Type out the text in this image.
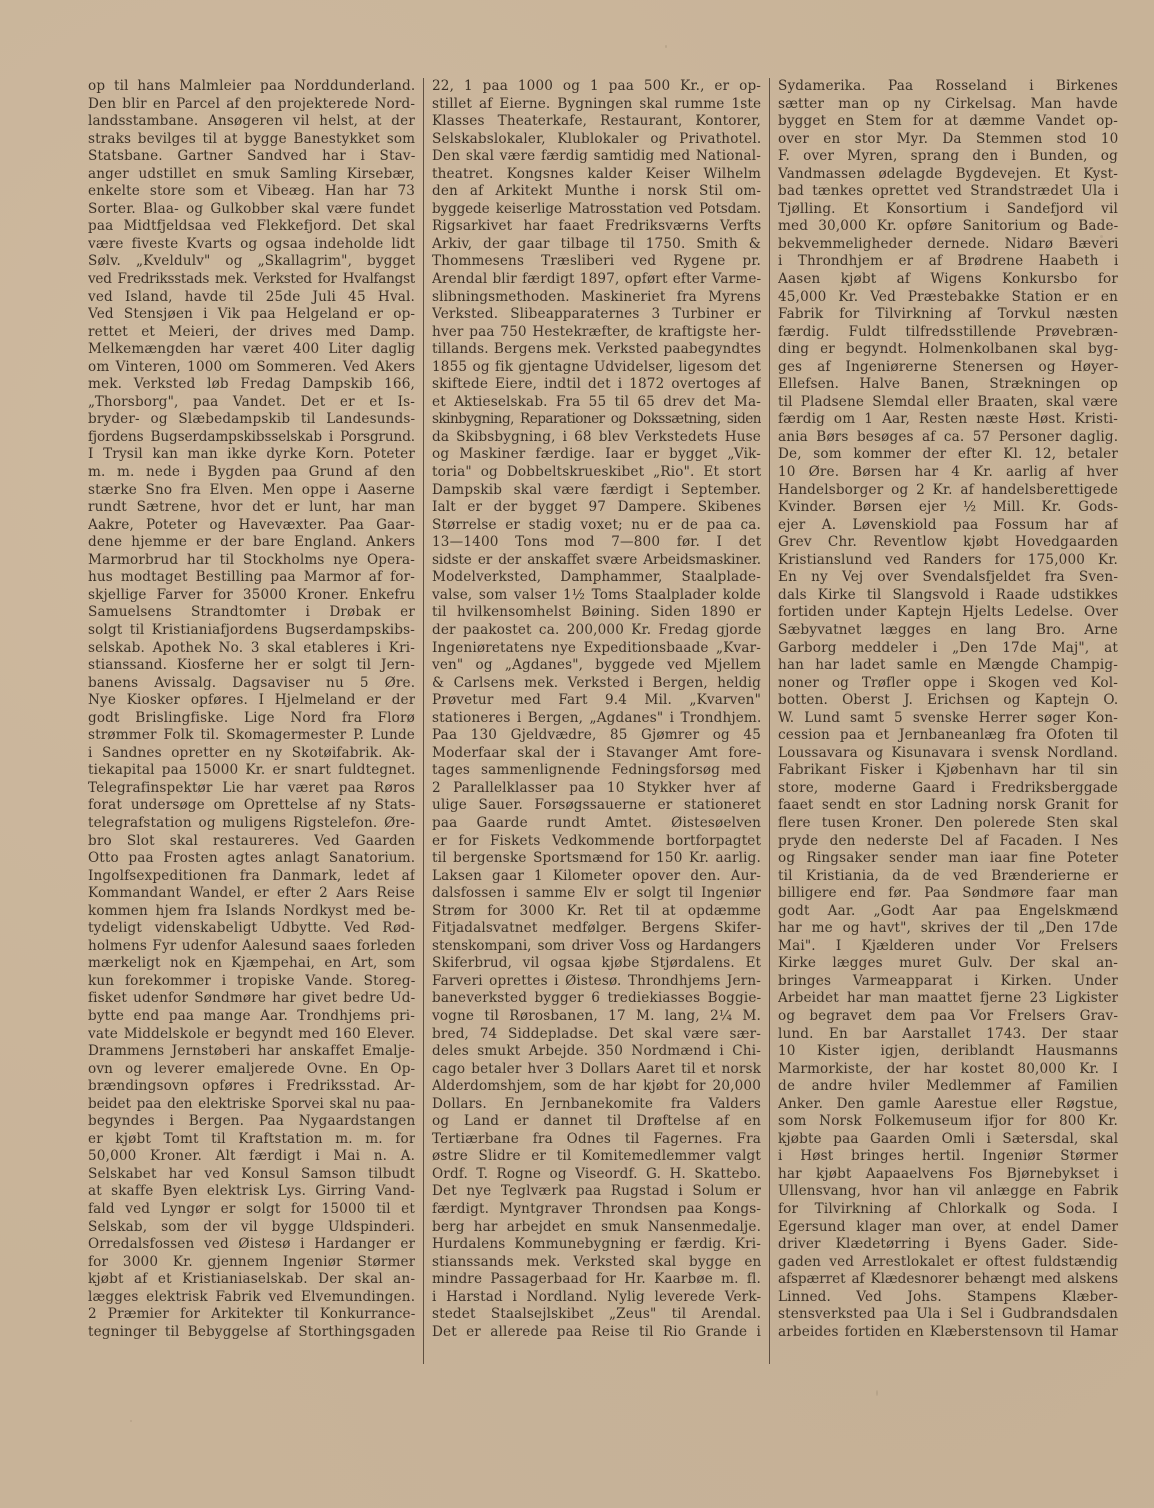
op til hans Malmleier paa Norddunderland.
Den blir en Parcel af den projekterede Nord-
landsstambane. Ansøgeren vil helst, at der
straks bevilges til at bygge Banestykket som
Statsbane. Gartner Sandved har i Stav-
anger udstillet en smuk Samling Kirsebær,
enkelte store som et Vibeæg. Han har 73
Sorter. Blaa- og Gulkobber skal være fundet
paa Midtfjeldsaa ved Flekkefjord. Det skal
være fiveste Kvarts og ogsaa indeholde lidt
Sølv. „Kveldulv" og „Skallagrim", bygget
ved Fredriksstads mek. Verksted for Hvalfangst
ved Island, havde til 25de Juli 45 Hval.
Ved Stensjøen i Vik paa Helgeland er op-
rettet et Meieri, der drives med Damp.
Melkemængden har været 400 Liter daglig
om Vinteren, 1000 om Sommeren. Ved Akers
mek. Verksted løb Fredag Dampskib 166,
„Thorsborg", paa Vandet. Det er et Is-
bryder- og Slæbedampskib til Landesunds-
fjordens Bugserdampskibsselskab i Porsgrund.
I Trysil kan man ikke dyrke Korn. Poteter
m. m. nede i Bygden paa Grund af den
stærke Sno fra Elven. Men oppe i Aaserne
rundt Sætrene, hvor det er lunt, har man
Aakre, Poteter og Havevæxter. Paa Gaar-
dene hjemme er der bare England. Ankers
Marmorbrud har til Stockholms nye Opera-
hus modtaget Bestilling paa Marmor af for-
skjellige Farver for 35000 Kroner. Enkefru
Samuelsens Strandtomter i Drøbak er
solgt til Kristianiafjordens Bugserdampskibs-
selskab. Apothek No. 3 skal etableres i Kri-
stianssand. Kiosferne her er solgt til Jern-
banens Avissalg. Dagsaviser nu 5 Øre.
Nye Kiosker opføres. I Hjelmeland er der
godt Brislingfiske. Lige Nord fra Florø
strømmer Folk til. Skomagermester P. Lunde
i Sandnes opretter en ny Skotøifabrik. Ak-
tiekapital paa 15000 Kr. er snart fuldtegnet.
Telegrafinspektør Lie har været paa Røros
forat undersøge om Oprettelse af ny Stats-
telegrafstation og muligens Rigstelefon. Øre-
bro Slot skal restaureres. Ved Gaarden
Otto paa Frosten agtes anlagt Sanatorium.
Ingolfsexpeditionen fra Danmark, ledet af
Kommandant Wandel, er efter 2 Aars Reise
kommen hjem fra Islands Nordkyst med be-
tydeligt videnskabeligt Udbytte. Ved Rød-
holmens Fyr udenfor Aalesund saaes forleden
mærkeligt nok en Kjæmpehai, en Art, som
kun forekommer i tropiske Vande. Storeg-
fisket udenfor Søndmøre har givet bedre Ud-
bytte end paa mange Aar. Trondhjems pri-
vate Middelskole er begyndt med 160 Elever.
Drammens Jernstøberi har anskaffet Emalje-
ovn og leverer emaljerede Ovne. En Op-
brændingsovn opføres i Fredriksstad. Ar-
beidet paa den elektriske Sporvei skal nu paa-
begyndes i Bergen. Paa Nygaardstangen
er kjøbt Tomt til Kraftstation m. m. for
50,000 Kroner. Alt færdigt i Mai n. A.
Selskabet har ved Konsul Samson tilbudt
at skaffe Byen elektrisk Lys. Girring Vand-
fald ved Lyngør er solgt for 15000 til et
Selskab, som der vil bygge Uldspinderi.
Orredalsfossen ved Øistesø i Hardanger er
for 3000 Kr. gjennem Ingeniør Størmer
kjøbt af et Kristianiaselskab. Der skal an-
lægges elektrisk Fabrik ved Elvemundingen.
2 Præmier for Arkitekter til Konkurrance-
tegninger til Bebyggelse af Storthingsgaden
22, 1 paa 1000 og 1 paa 500 Kr., er op-
stillet af Eierne. Bygningen skal rumme 1ste
Klasses Theaterkafe, Restaurant, Kontorer,
Selskabslokaler, Klublokaler og Privathotel.
Den skal være færdig samtidig med National-
theatret. Kongsnes kalder Keiser Wilhelm
den af Arkitekt Munthe i norsk Stil om-
byggede keiserlige Matrosstation ved Potsdam.
Rigsarkivet har faaet Fredriksværns Verfts
Arkiv, der gaar tilbage til 1750. Smith &
Thommesens Træsliberi ved Rygene pr.
Arendal blir færdigt 1897, opført efter Varme-
slibningsmethoden. Maskineriet fra Myrens
Verksted. Slibeapparaternes 3 Turbiner er
hver paa 750 Hestekræfter, de kraftigste her-
tillands. Bergens mek. Verksted paabegyndtes
1855 og fik gjentagne Udvidelser, ligesom det
skiftede Eiere, indtil det i 1872 overtoges af
et Aktieselskab. Fra 55 til 65 drev det Ma-
skinbygning, Reparationer og Dokssætning, siden
da Skibsbygning, i 68 blev Verkstedets Huse
og Maskiner færdige. Iaar er bygget „Vik-
toria" og Dobbeltskrueskibet „Rio". Et stort
Dampskib skal være færdigt i September.
Ialt er der bygget 97 Dampere. Skibenes
Størrelse er stadig voxet; nu er de paa ca.
13—1400 Tons mod 7—800 før. I det
sidste er der anskaffet svære Arbeidsmaskiner.
Modelverksted, Damphammer, Staalplade-
valse, som valser 1½ Toms Staalplader kolde
til hvilkensomhelst Bøining. Siden 1890 er
der paakostet ca. 200,000 Kr. Fredag gjorde
Ingeniøretatens nye Expeditionsbaade „Kvar-
ven" og „Agdanes", byggede ved Mjellem
& Carlsens mek. Verksted i Bergen, heldig
Prøvetur med Fart 9.4 Mil. „Kvarven"
stationeres i Bergen, „Agdanes" i Trondhjem.
Paa 130 Gjeldvædre, 85 Gjømrer og 45
Moderfaar skal der i Stavanger Amt fore-
tages sammenlignende Fedningsforsøg med
2 Parallelklasser paa 10 Stykker hver af
ulige Sauer. Forsøgssauerne er stationeret
paa Gaarde rundt Amtet. Øistesøelven
er for Fiskets Vedkommende bortforpagtet
til bergenske Sportsmænd for 150 Kr. aarlig.
Laksen gaar 1 Kilometer opover den. Aur-
dalsfossen i samme Elv er solgt til Ingeniør
Strøm for 3000 Kr. Ret til at opdæmme
Fitjadalsvatnet medfølger. Bergens Skifer-
stenskompani, som driver Voss og Hardangers
Skiferbrud, vil ogsaa kjøbe Stjørdalens. Et
Farveri oprettes i Øistesø. Throndhjems Jern-
baneverksted bygger 6 trediekiasses Boggie-
vogne til Rørosbanen, 17 M. lang, 2¼ M.
bred, 74 Siddepladse. Det skal være sær-
deles smukt Arbejde. 350 Nordmænd i Chi-
cago betaler hver 3 Dollars Aaret til et norsk
Alderdomshjem, som de har kjøbt for 20,000
Dollars. En Jernbanekomite fra Valders
og Land er dannet til Drøftelse af en
Tertiærbane fra Odnes til Fagernes. Fra
østre Slidre er til Komitemedlemmer valgt
Ordf. T. Rogne og Viseordf. G. H. Skattebo.
Det nye Teglværk paa Rugstad i Solum er
færdigt. Myntgraver Throndsen paa Kongs-
berg har arbejdet en smuk Nansenmedalje.
Hurdalens Kommunebygning er færdig. Kri-
stianssands mek. Verksted skal bygge en
mindre Passagerbaad for Hr. Kaarbøe m. fl.
i Harstad i Nordland. Nylig leverede Verk-
stedet Staalsejlskibet „Zeus" til Arendal.
Det er allerede paa Reise til Rio Grande i
Sydamerika. Paa Rosseland i Birkenes
sætter man op ny Cirkelsag. Man havde
bygget en Stem for at dæmme Vandet op-
over en stor Myr. Da Stemmen stod 10
F. over Myren, sprang den i Bunden, og
Vandmassen ødelagde Bygdevejen. Et Kyst-
bad tænkes oprettet ved Strandstrædet Ula i
Tjølling. Et Konsortium i Sandefjord vil
med 30,000 Kr. opføre Sanitorium og Bade-
bekvemmeligheder dernede. Nidarø Bæveri
i Throndhjem er af Brødrene Haabeth i
Aasen kjøbt af Wigens Konkursbo for
45,000 Kr. Ved Præstebakke Station er en
Fabrik for Tilvirkning af Torvkul næsten
færdig. Fuldt tilfredsstillende Prøvebræn-
ding er begyndt. Holmenkolbanen skal byg-
ges af Ingeniørerne Stenersen og Høyer-
Ellefsen. Halve Banen, Strækningen op
til Pladsene Slemdal eller Braaten, skal være
færdig om 1 Aar, Resten næste Høst. Kristi-
ania Børs besøges af ca. 57 Personer daglig.
De, som kommer der efter Kl. 12, betaler
10 Øre. Børsen har 4 Kr. aarlig af hver
Handelsborger og 2 Kr. af handelsberettigede
Kvinder. Børsen ejer ½ Mill. Kr. Gods-
ejer A. Løvenskiold paa Fossum har af
Grev Chr. Reventlow kjøbt Hovedgaarden
Kristianslund ved Randers for 175,000 Kr.
En ny Vej over Svendalsfjeldet fra Sven-
dals Kirke til Slangsvold i Raade udstikkes
fortiden under Kaptejn Hjelts Ledelse. Over
Sæbyvatnet lægges en lang Bro. Arne
Garborg meddeler i „Den 17de Maj", at
han har ladet samle en Mængde Champig-
noner og Trøfler oppe i Skogen ved Kol-
botten. Oberst J. Erichsen og Kaptejn O.
W. Lund samt 5 svenske Herrer søger Kon-
cession paa et Jernbaneanlæg fra Ofoten til
Loussavara og Kisunavara i svensk Nordland.
Fabrikant Fisker i Kjøbenhavn har til sin
store, moderne Gaard i Fredriksberggade
faaet sendt en stor Ladning norsk Granit for
flere tusen Kroner. Den polerede Sten skal
pryde den nederste Del af Facaden. I Nes
og Ringsaker sender man iaar fine Poteter
til Kristiania, da de ved Brænderierne er
billigere end før. Paa Søndmøre faar man
godt Aar. „Godt Aar paa Engelskmænd
har me og havt", skrives der til „Den 17de
Mai". I Kjælderen under Vor Frelsers
Kirke lægges muret Gulv. Der skal an-
bringes Varmeapparat i Kirken. Under
Arbeidet har man maattet fjerne 23 Ligkister
og begravet dem paa Vor Frelsers Grav-
lund. En bar Aarstallet 1743. Der staar
10 Kister igjen, deriblandt Hausmanns
Marmorkiste, der har kostet 80,000 Kr. I
de andre hviler Medlemmer af Familien
Anker. Den gamle Aarestue eller Røgstue,
som Norsk Folkemuseum ifjor for 800 Kr.
kjøbte paa Gaarden Omli i Sætersdal, skal
i Høst bringes hertil. Ingeniør Størmer
har kjøbt Aapaaelvens Fos Bjørnebykset i
Ullensvang, hvor han vil anlægge en Fabrik
for Tilvirkning af Chlorkalk og Soda. I
Egersund klager man over, at endel Damer
driver Klædetørring i Byens Gader. Side-
gaden ved Arrestlokalet er oftest fuldstændig
afspærret af Klædesnorer behængt med alskens
Linned. Ved Johs. Stampens Klæber-
stensverksted paa Ula i Sel i Gudbrandsdalen
arbeides fortiden en Klæberstensovn til Hamar
